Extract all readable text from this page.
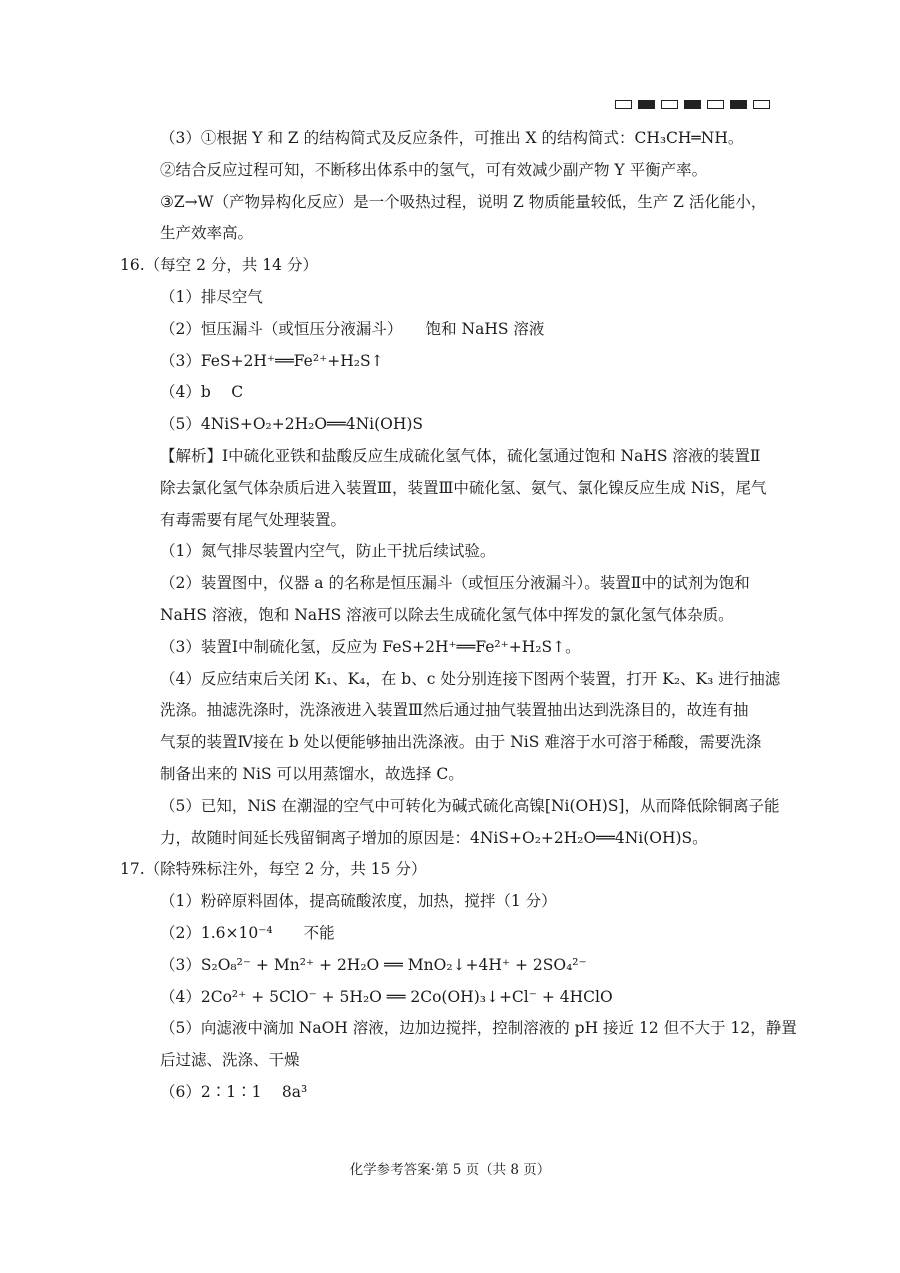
（3）①根据 Y 和 Z 的结构简式及反应条件，可推出 X 的结构简式：CH₃CH═NH。
②结合反应过程可知，不断移出体系中的氢气，可有效减少副产物 Y 平衡产率。
③Z→W（产物异构化反应）是一个吸热过程，说明 Z 物质能量较低，生产 Z 活化能小，
生产效率高。
16.（每空 2 分，共 14 分）
（1）排尽空气
（2）恒压漏斗（或恒压分液漏斗）　　饱和 NaHS 溶液
（3）FeS+2H⁺══Fe²⁺+H₂S↑
（4）b　 C
（5）4NiS+O₂+2H₂O══4Ni(OH)S
【解析】Ⅰ中硫化亚铁和盐酸反应生成硫化氢气体，硫化氢通过饱和 NaHS 溶液的装置Ⅱ
除去氯化氢气体杂质后进入装置Ⅲ，装置Ⅲ中硫化氢、氨气、氯化镍反应生成 NiS，尾气
有毒需要有尾气处理装置。
（1）氮气排尽装置内空气，防止干扰后续试验。
（2）装置图中，仪器 a 的名称是恒压漏斗（或恒压分液漏斗）。装置Ⅱ中的试剂为饱和
NaHS 溶液，饱和 NaHS 溶液可以除去生成硫化氢气体中挥发的氯化氢气体杂质。
（3）装置Ⅰ中制硫化氢，反应为 FeS+2H⁺══Fe²⁺+H₂S↑。
（4）反应结束后关闭 K₁、K₄，在 b、c 处分别连接下图两个装置，打开 K₂、K₃ 进行抽滤
洗涤。抽滤洗涤时，洗涤液进入装置Ⅲ然后通过抽气装置抽出达到洗涤目的，故连有抽
气泵的装置Ⅳ接在 b 处以便能够抽出洗涤液。由于 NiS 难溶于水可溶于稀酸，需要洗涤
制备出来的 NiS 可以用蒸馏水，故选择 C。
（5）已知，NiS 在潮湿的空气中可转化为碱式硫化高镍[Ni(OH)S]，从而降低除铜离子能
力，故随时间延长残留铜离子增加的原因是：4NiS+O₂+2H₂O══4Ni(OH)S。
17.（除特殊标注外，每空 2 分，共 15 分）
（1）粉碎原料固体，提高硫酸浓度，加热，搅拌（1 分）
（2）1.6×10⁻⁴　　不能
（3）S₂O₈²⁻ + Mn²⁺ + 2H₂O ══ MnO₂↓+4H⁺ + 2SO₄²⁻
（4）2Co²⁺ + 5ClO⁻ + 5H₂O ══ 2Co(OH)₃↓+Cl⁻ + 4HClO
（5）向滤液中滴加 NaOH 溶液，边加边搅拌，控制溶液的 pH 接近 12 但不大于 12，静置
后过滤、洗涤、干燥
（6）2∶1∶1　 8a³
化学参考答案·第 5 页（共 8 页）
